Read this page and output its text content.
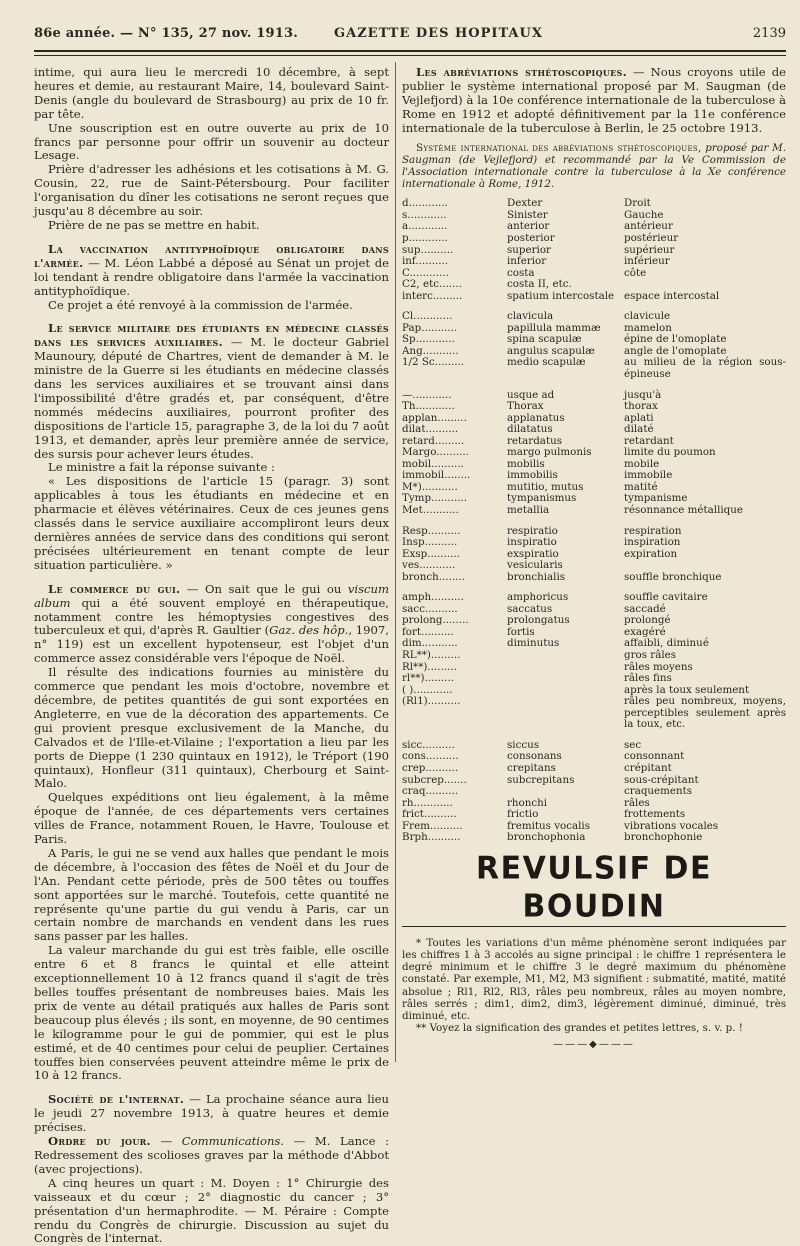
86e année. — N° 135, 27 nov. 1913.	GAZETTE DES HOPITAUX	2139

intime, qui aura lieu le mercredi 10 décembre, à sept heures et demie, au restaurant Maire, 14, boulevard Saint-Denis (angle du boulevard de Strasbourg) au prix de 10 fr. par tête.

Une souscription est en outre ouverte au prix de 10 francs par personne pour offrir un souvenir au docteur Lesage.

Prière d'adresser les adhésions et les cotisations à M. G. Cousin, 22, rue de Saint-Pétersbourg. Pour faciliter l'organisation du dîner les cotisations ne seront reçues que jusqu'au 8 décembre au soir.

Prière de ne pas se mettre en habit.

La vaccination antityphoïdique obligatoire dans l'armée. — M. Léon Labbé a déposé au Sénat un projet de loi tendant à rendre obligatoire dans l'armée la vaccination antityphoïdique.

Ce projet a été renvoyé à la commission de l'armée.

Le service militaire des étudiants en médecine classés dans les services auxiliaires. — M. le docteur Gabriel Maunoury, député de Chartres, vient de demander à M. le ministre de la Guerre si les étudiants en médecine classés dans les services auxiliaires et se trouvant ainsi dans l'impossibilité d'être gradés et, par conséquent, d'être nommés médecins auxiliaires, pourront profiter des dispositions de l'article 15, paragraphe 3, de la loi du 7 août 1913, et demander, après leur première année de service, des sursis pour achever leurs études.

Le ministre a fait la réponse suivante :

« Les dispositions de l'article 15 (paragr. 3) sont applicables à tous les étudiants en médecine et en pharmacie et élèves vétérinaires. Ceux de ces jeunes gens classés dans le service auxiliaire accompliront leurs deux dernières années de service dans des conditions qui seront précisées ultérieurement en tenant compte de leur situation particulière. »

Le commerce du gui. — On sait que le gui ou viscum album qui a été souvent employé en thérapeutique, notamment contre les hémoptysies congestives des tuberculeux et qui, d'après R. Gaultier (Gaz. des hôp., 1907, n° 119) est un excellent hypotenseur, est l'objet d'un commerce assez considérable vers l'époque de Noël.

Il résulte des indications fournies au ministère du commerce que pendant les mois d'octobre, novembre et décembre, de petites quantités de gui sont exportées en Angleterre, en vue de la décoration des appartements. Ce gui provient presque exclusivement de la Manche, du Calvados et de l'Ille-et-Vilaine ; l'exportation a lieu par les ports de Dieppe (1 230 quintaux en 1912), le Tréport (190 quintaux), Honfleur (311 quintaux), Cherbourg et Saint-Malo.

Quelques expéditions ont lieu également, à la même époque de l'année, de ces départements vers certaines villes de France, notamment Rouen, le Havre, Toulouse et Paris.

A Paris, le gui ne se vend aux halles que pendant le mois de décembre, à l'occasion des fêtes de Noël et du Jour de l'An. Pendant cette période, près de 500 têtes ou touffes sont apportées sur le marché. Toutefois, cette quantité ne représente qu'une partie du gui vendu à Paris, car un certain nombre de marchands en vendent dans les rues sans passer par les halles.

La valeur marchande du gui est très faible, elle oscille entre 6 et 8 francs le quintal et elle atteint exceptionnellement 10 à 12 francs quand il s'agit de très belles touffes présentant de nombreuses baies. Mais les prix de vente au détail pratiqués aux halles de Paris sont beaucoup plus élevés ; ils sont, en moyenne, de 90 centimes le kilogramme pour le gui de pommier, qui est le plus estimé, et de 40 centimes pour celui de peuplier. Certaines touffes bien conservées peuvent atteindre même le prix de 10 à 12 francs.

Société de l'internat. — La prochaine séance aura lieu le jeudi 27 novembre 1913, à quatre heures et demie précises.

Ordre du jour. — Communications. — M. Lance : Redressement des scolioses graves par la méthode d'Abbot (avec projections).

A cinq heures un quart : M. Doyen : 1° Chirurgie des vaisseaux et du cœur ; 2° diagnostic du cancer ; 3° présentation d'un hermaphrodite. — M. Péraire : Compte rendu du Congrès de chirurgie. Discussion au sujet du Congrès de l'internat.

Les abréviations sthétoscopiques. — Nous croyons utile de publier le système international proposé par M. Saugman (de Vejlefjord) à la 10e conférence internationale de la tuberculose à Rome en 1912 et adopté définitivement par la 11e conférence internationale de la tuberculose à Berlin, le 25 octobre 1913.

Système international des abréviations sthétoscopiques, proposé par M. Saugman (de Vejlefjord) et recommandé par la Ve Commission de l'Association internationale contre la tuberculose à la Xe conférence internationale à Rome, 1912.

d............	Dexter	Droit
s............	Sinister	Gauche
a............	anterior	antérieur
p............	posterior	postérieur
sup..........	superior	supérieur
inf..........	inferior	inférieur
C............	costa	côte
C2, etc.......	costa II, etc.	
interc.........	spatium intercostale	espace intercostal

Cl............	clavicula	clavicule
Pap...........	papillula mammæ	mamelon
Sp............	spina scapulæ	épine de l'omoplate
Ang...........	angulus scapulæ	angle de l'omoplate
1/2 Sc.........	medio scapulæ	au milieu de la région sous-épineuse

—............	usque ad	jusqu'à
Th............	Thorax	thorax
applan.........	applanatus	aplati
dilat..........	dilatatus	dilaté
retard.........	retardatus	retardant
Margo..........	margo pulmonis	limite du poumon
mobil..........	mobilis	mobile
immobil........	immobilis	immobile
M*)...........	mutitio, mutus	matité
Tymp...........	tympanismus	tympanisme
Met...........	metallia	résonnance métallique

Resp..........	respiratio	respiration
Insp..........	inspiratio	inspiration
Exsp..........	exspiratio	expiration
ves...........	vesicularis	
bronch........	bronchialis	souffle bronchique

amph..........	amphoricus	souffle cavitaire
sacc..........	saccatus	saccadé
prolong........	prolongatus	prolongé
fort..........	fortis	exagéré
dim...........	diminutus	affaibli, diminué
RL**).........		gros râles
Rl**).........		râles moyens
rl**).........		râles fins
( )............		après la toux seulement
(Rl1)..........		râles peu nombreux, moyens, perceptibles seulement après la toux, etc.

sicc..........	siccus	sec
cons..........	consonans	consonnant
crep..........	crepitans	crépitant
subcrep.......	subcrepitans	sous-crépitant
craq..........		craquements
rh............	rhonchi	râles
frict..........	frictio	frottements
Frem..........	fremitus vocalis	vibrations vocales
Brph..........	bronchophonia	bronchophonie
REVULSIF DE BOUDIN

* Toutes les variations d'un même phénomène seront indiquées par les chiffres 1 à 3 accolés au signe principal : le chiffre 1 représentera le degré minimum et le chiffre 3 le degré maximum du phénomène constaté. Par exemple, M1, M2, M3 signifient : submatité, matité, matité absolue ; Rl1, Rl2, Rl3, râles peu nombreux, râles au moyen nombre, râles serrés ; dim1, dim2, dim3, légèrement diminué, diminué, très diminué, etc.

** Voyez la signification des grandes et petites lettres, s. v. p. !

———◆———
